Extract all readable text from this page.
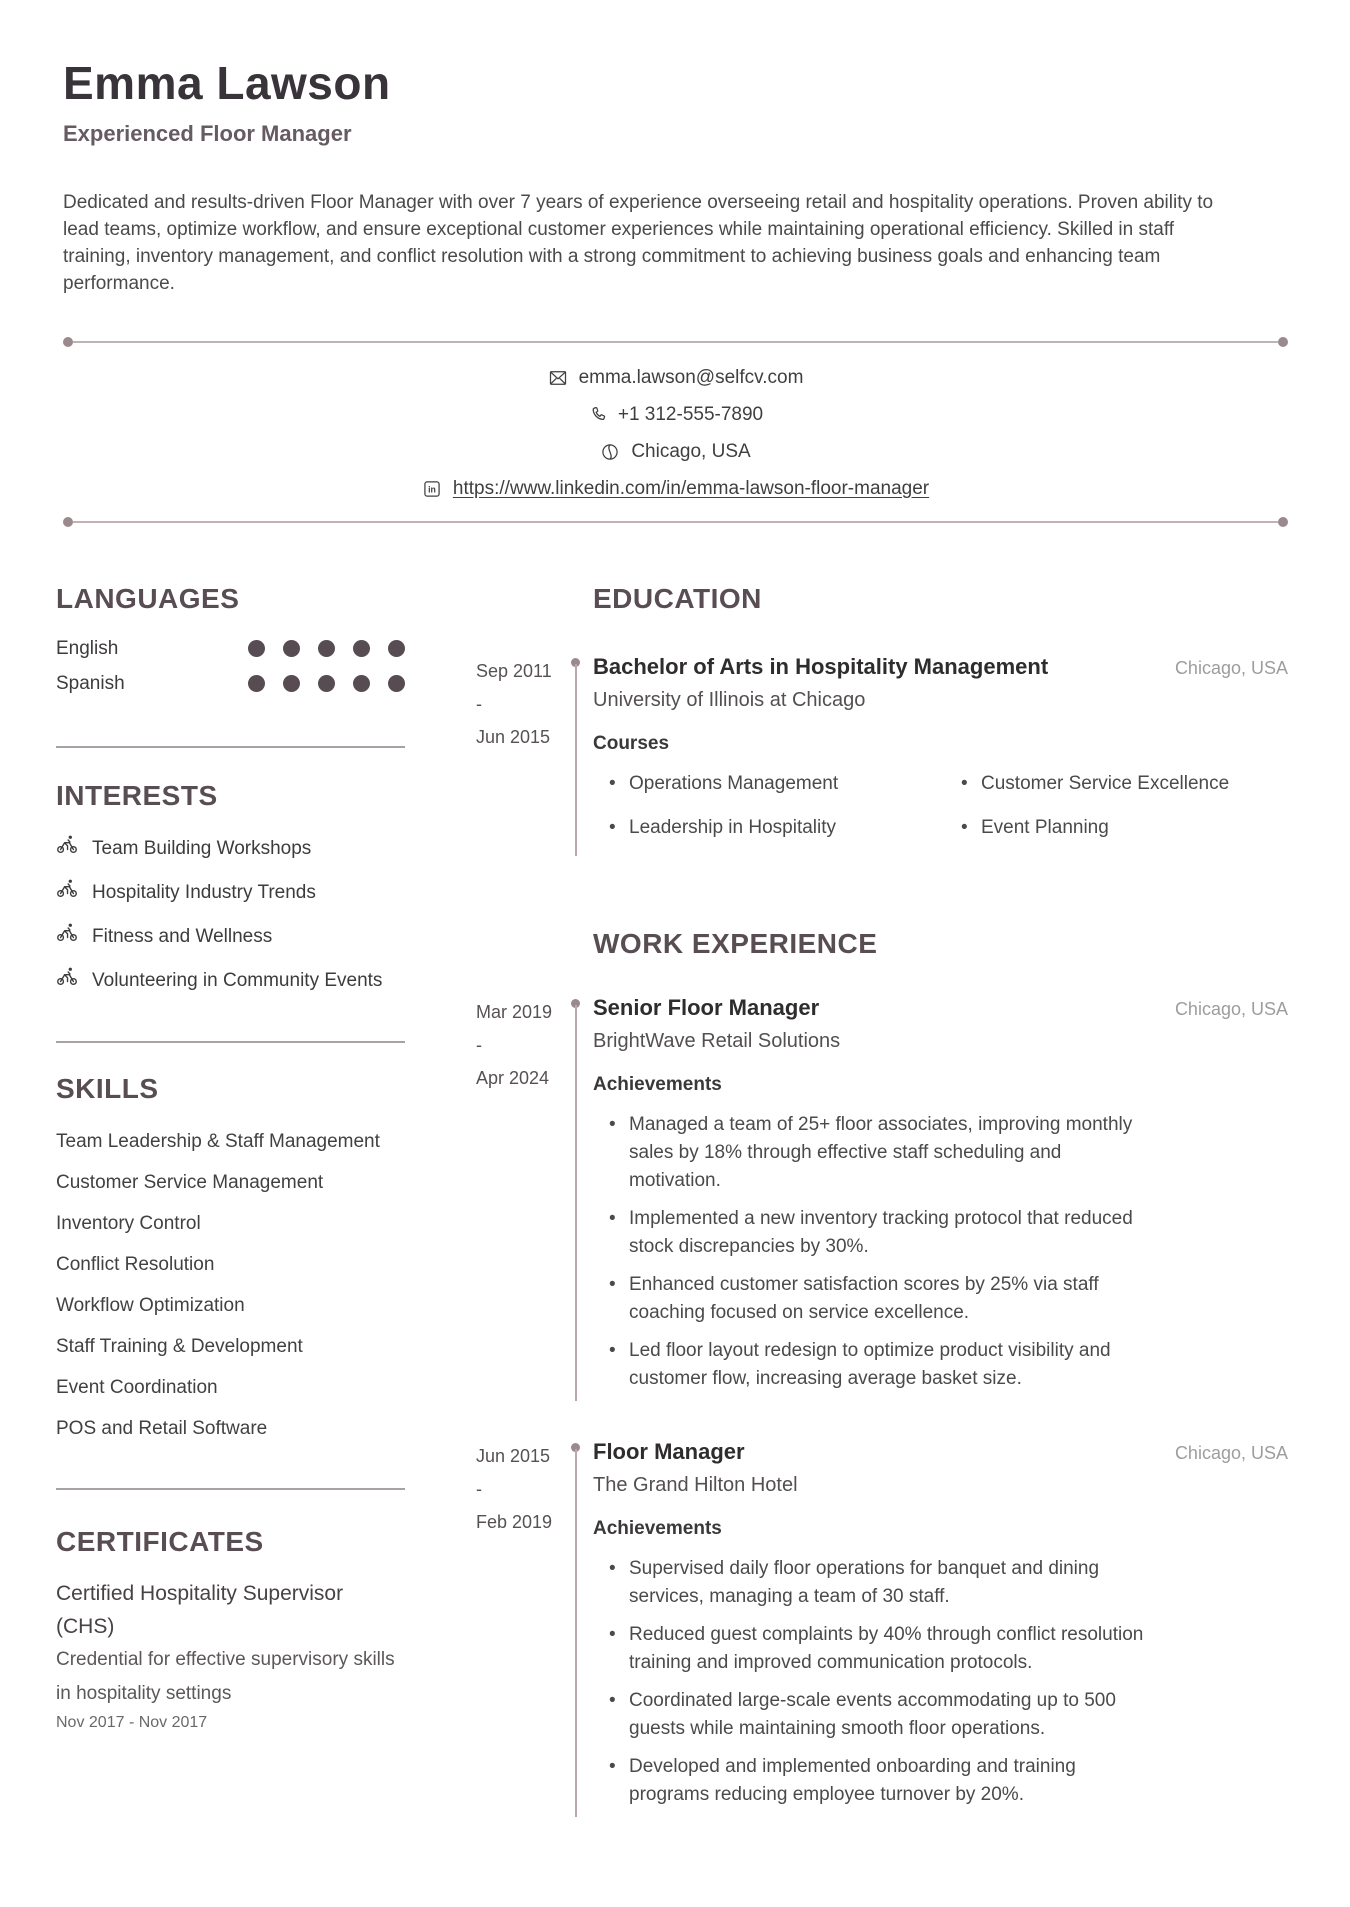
Emma Lawson
Experienced Floor Manager

Dedicated and results-driven Floor Manager with over 7 years of experience overseeing retail and hospitality operations. Proven ability to lead teams, optimize workflow, and ensure exceptional customer experiences while maintaining operational efficiency. Skilled in staff training, inventory management, and conflict resolution with a strong commitment to achieving business goals and enhancing team performance.

emma.lawson@selfcv.com
+1 312-555-7890
Chicago, USA
in https://www.linkedin.com/in/emma-lawson-floor-manager
LANGUAGES
English
Spanish
INTERESTS
Team Building Workshops
Hospitality Industry Trends
Fitness and Wellness
Volunteering in Community Events
SKILLS
Team Leadership & Staff Management
Customer Service Management
Inventory Control
Conflict Resolution
Workflow Optimization
Staff Training & Development
Event Coordination
POS and Retail Software
CERTIFICATES
Certified Hospitality Supervisor (CHS)
Credential for effective supervisory skills in hospitality settings
Nov 2017 - Nov 2017
EDUCATION
Sep 2011
-
Jun 2015
Bachelor of Arts in Hospitality Management	Chicago, USA
University of Illinois at Chicago
Courses
• Operations Management
• Leadership in Hospitality
• Customer Service Excellence
• Event Planning
WORK EXPERIENCE
Mar 2019
-
Apr 2024
Senior Floor Manager	Chicago, USA
BrightWave Retail Solutions
Achievements
• Managed a team of 25+ floor associates, improving monthly sales by 18% through effective staff scheduling and motivation.
• Implemented a new inventory tracking protocol that reduced stock discrepancies by 30%.
• Enhanced customer satisfaction scores by 25% via staff coaching focused on service excellence.
• Led floor layout redesign to optimize product visibility and customer flow, increasing average basket size.
Jun 2015
-
Feb 2019
Floor Manager	Chicago, USA
The Grand Hilton Hotel
Achievements
• Supervised daily floor operations for banquet and dining services, managing a team of 30 staff.
• Reduced guest complaints by 40% through conflict resolution training and improved communication protocols.
• Coordinated large-scale events accommodating up to 500 guests while maintaining smooth floor operations.
• Developed and implemented onboarding and training programs reducing employee turnover by 20%.
